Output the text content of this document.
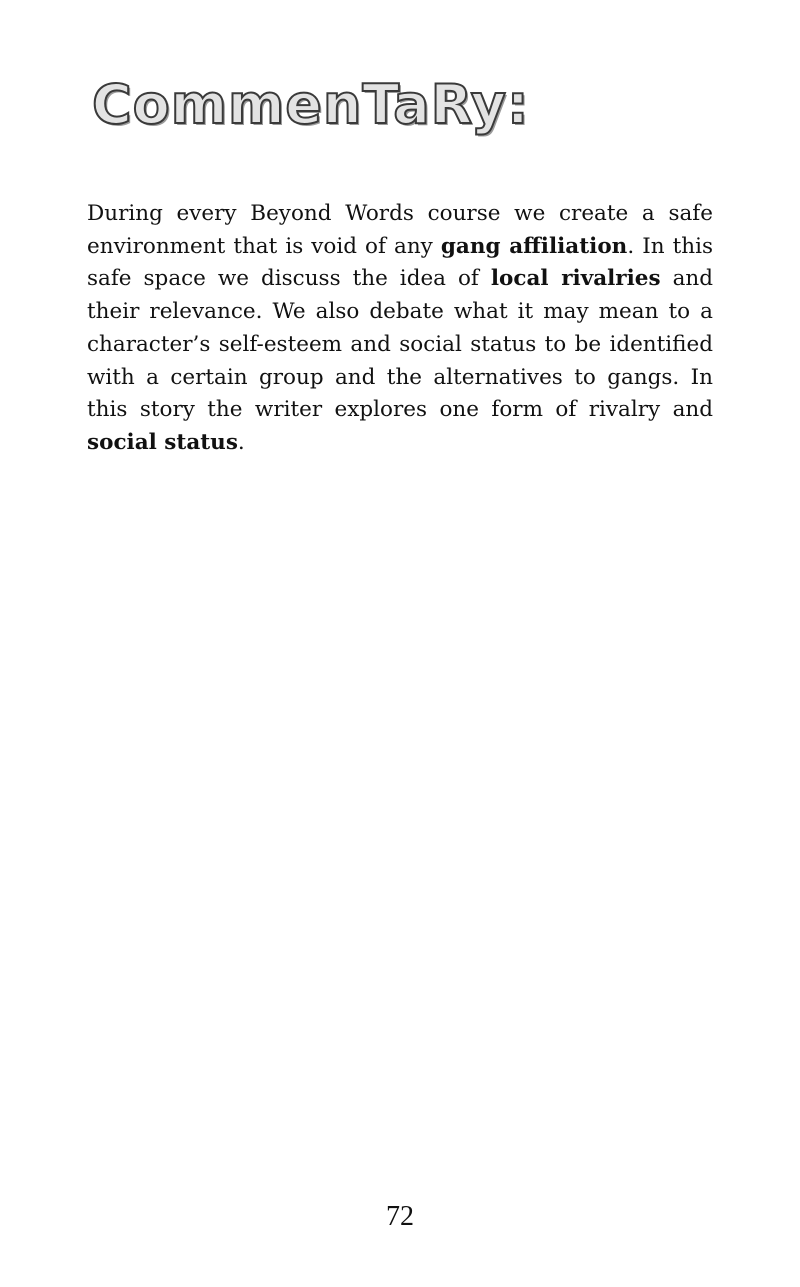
CommenTaRy:

During every Beyond Words course we create a safe environment that is void of any gang affiliation. In this safe space we discuss the idea of local rivalries and their relevance. We also debate what it may mean to a character’s self-esteem and social status to be identified with a certain group and the alternatives to gangs. In this story the writer explores one form of rivalry and social status.

72
